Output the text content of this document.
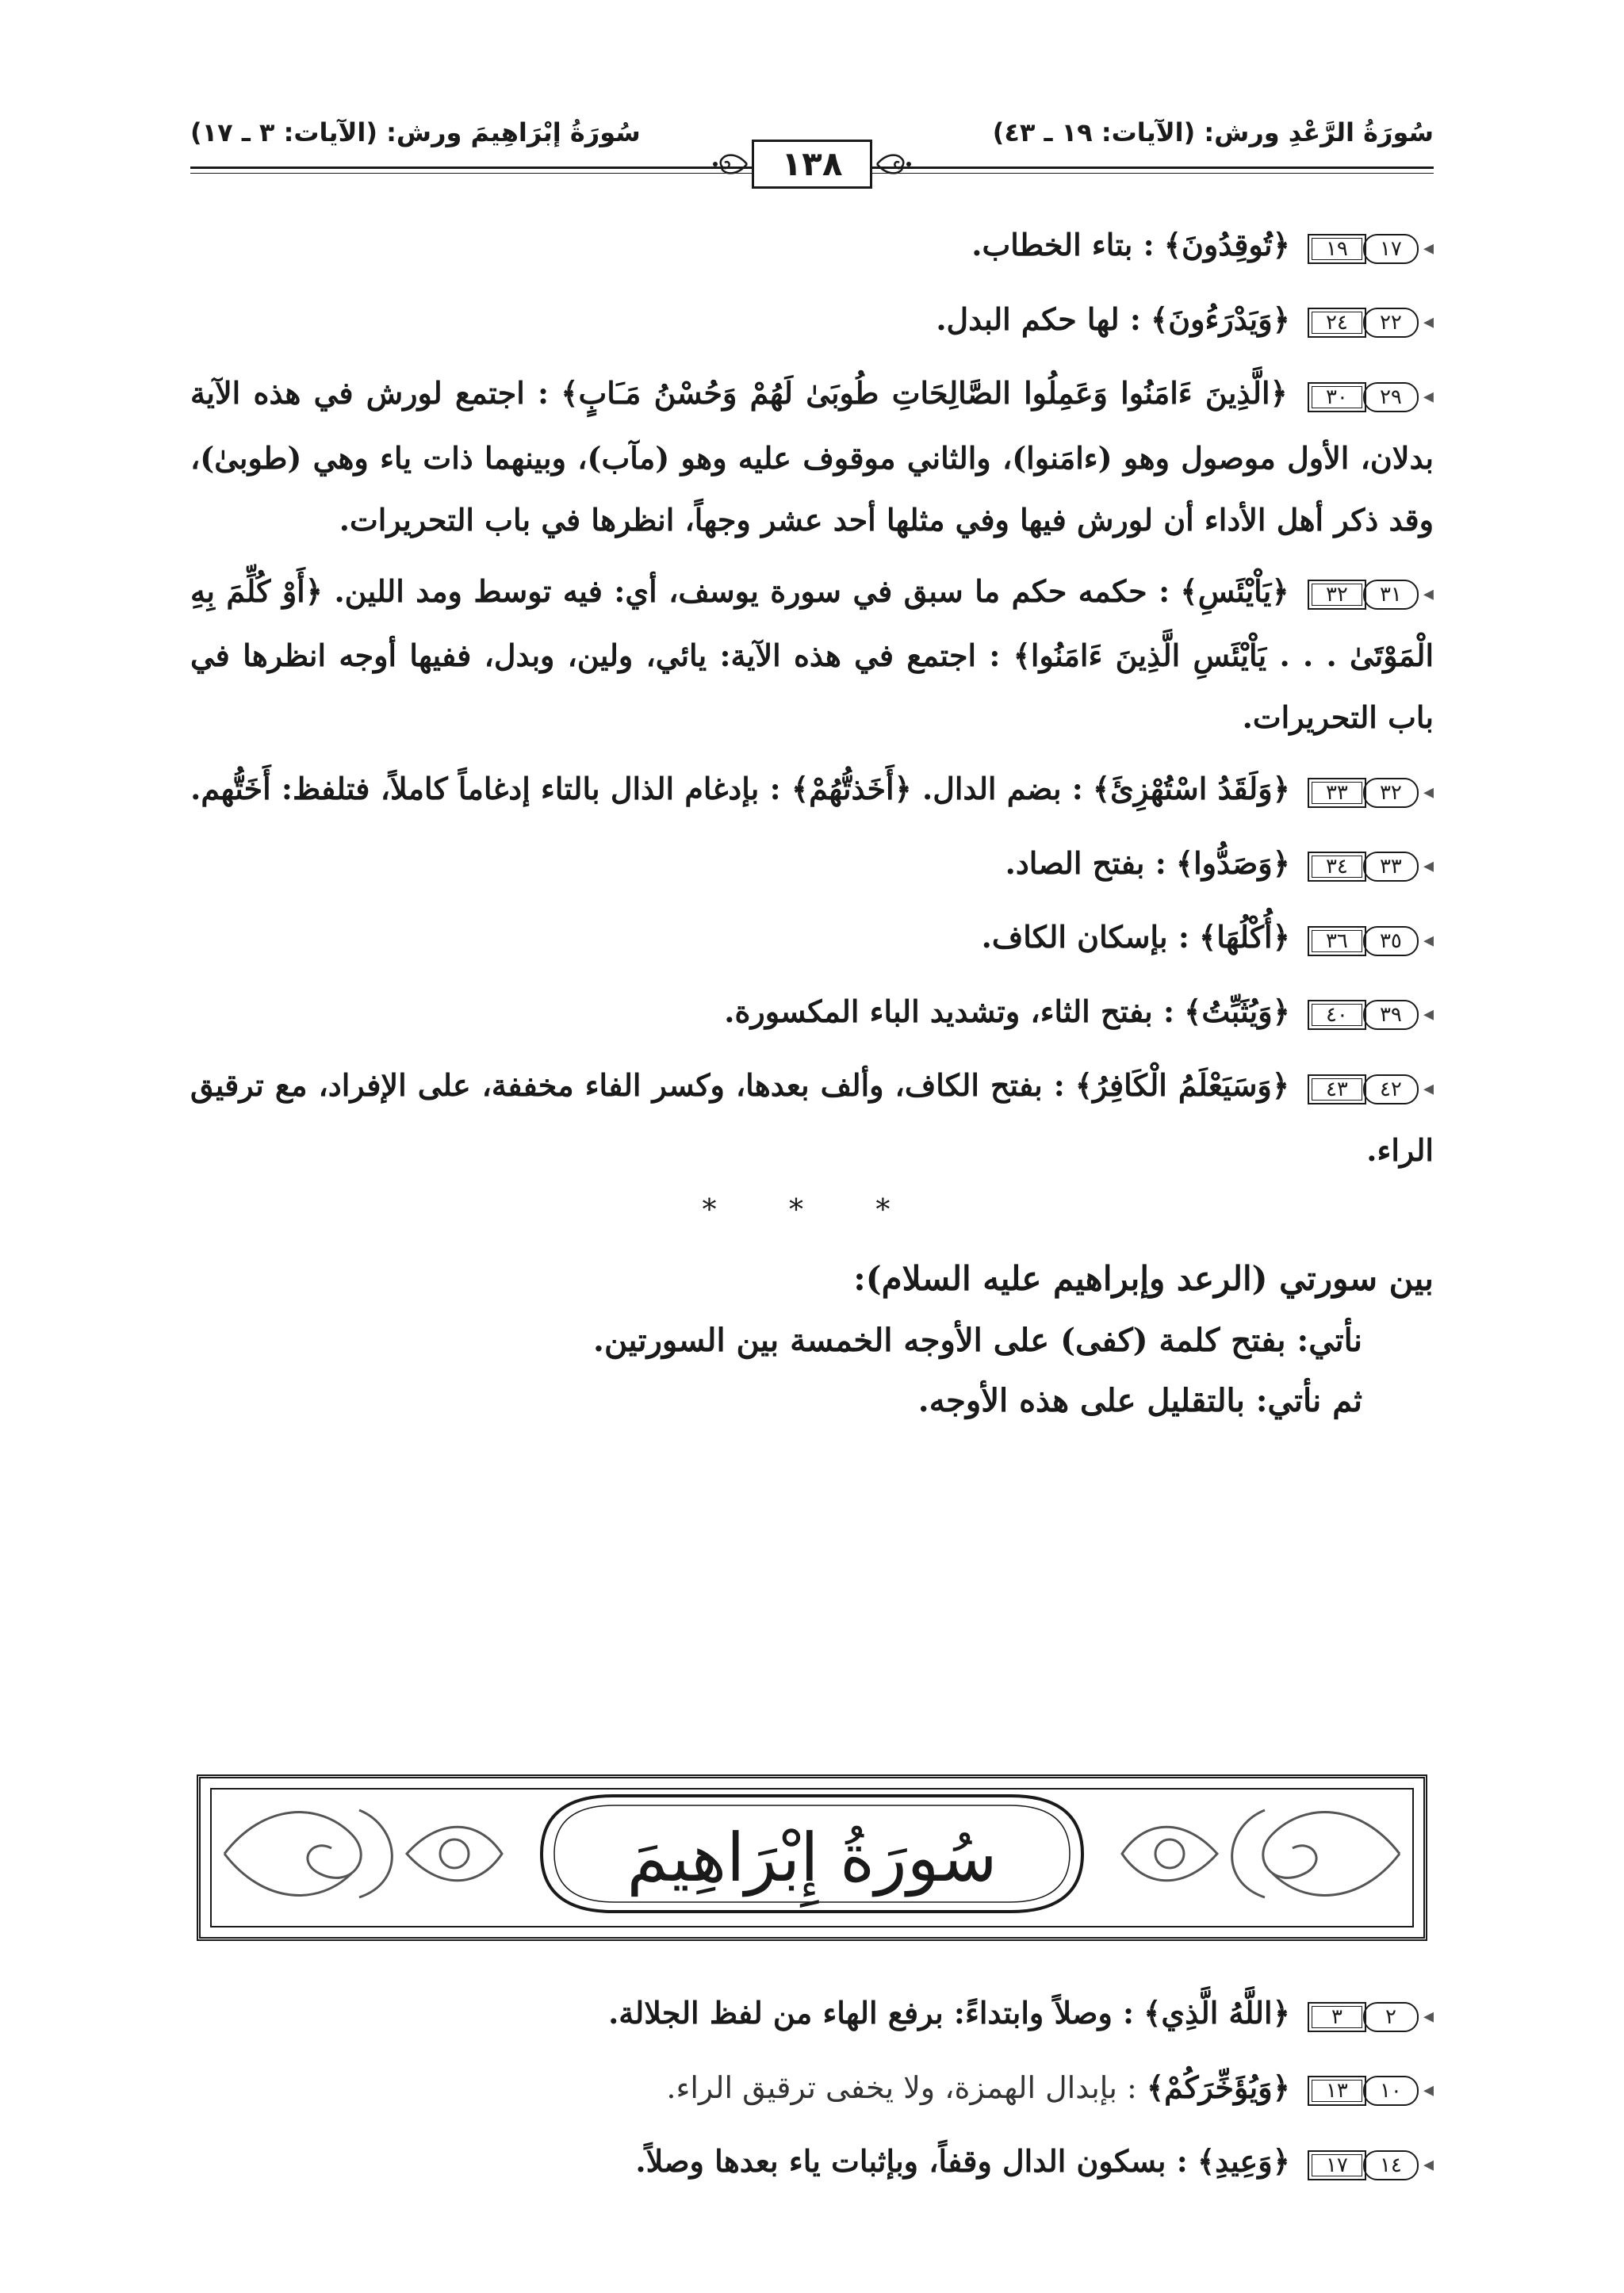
سُورَةُ الرَّعْدِ ورش: (الآيات: ١٩ ـ ٤٣)
سُورَةُ إبْرَاهِيمَ ورش: (الآيات: ٣ ـ ١٧)
١٣٨

◂١٧١٩ ﴿تُوقِدُونَ﴾ : بتاء الخطاب.

◂٢٢٢٤ ﴿وَيَدْرَءُونَ﴾ : لها حكم البدل.

◂٢٩٣٠ ﴿الَّذِينَ ءَامَنُوا وَعَمِلُوا الصَّالِحَاتِ طُوبَىٰ لَهُمْ وَحُسْنُ مَـَابٍ﴾ : اجتمع لورش في هذه الآية بدلان، الأول موصول وهو (ءامَنوا)، والثاني موقوف عليه وهو (مآب)، وبينهما ذات ياء وهي (طوبىٰ)، وقد ذكر أهل الأداء أن لورش فيها وفي مثلها أحد عشر وجهاً، انظرها في باب التحريرات.

◂٣١٣٢ ﴿يَاْيْئَسِ﴾ : حكمه حكم ما سبق في سورة يوسف، أي: فيه توسط ومد اللين. ﴿أَوْ كُلِّمَ بِهِ الْمَوْتَىٰ . . . يَاْيْئَسِ الَّذِينَ ءَامَنُوا﴾ : اجتمع في هذه الآية: يائي، ولين، وبدل، ففيها أوجه انظرها في باب التحريرات.

◂٣٢٣٣ ﴿وَلَقَدُ اسْتُهْزِئَ﴾ : بضم الدال. ﴿أَخَذتُّهُمْ﴾ : بإدغام الذال بالتاء إدغاماً كاملاً، فتلفظ: أَخَتُّهم.

◂٣٣٣٤ ﴿وَصَدُّوا﴾ : بفتح الصاد.

◂٣٥٣٦ ﴿أُكْلُهَا﴾ : بإسكان الكاف.

◂٣٩٤٠ ﴿وَيُثَبِّتُ﴾ : بفتح الثاء، وتشديد الباء المكسورة.

◂٤٢٤٣ ﴿وَسَيَعْلَمُ الْكَافِرُ﴾ : بفتح الكاف، وألف بعدها، وكسر الفاء مخففة، على الإفراد، مع ترقيق الراء.

* * *
بين سورتي (الرعد وإبراهيم عليه السلام):
نأتي: بفتح كلمة (كفى) على الأوجه الخمسة بين السورتين.
ثم نأتي: بالتقليل على هذه الأوجه.
سُورَةُ إِبْرَاهِيمَ

◂٢٣ ﴿اللَّهُ الَّذِي﴾ : وصلاً وابتداءً: برفع الهاء من لفظ الجلالة.

◂١٠١٣ ﴿وَيُؤَخِّرَكُمْ﴾ : بإبدال الهمزة، ولا يخفى ترقيق الراء.

◂١٤١٧ ﴿وَعِيدِ﴾ : بسكون الدال وقفاً، وبإثبات ياء بعدها وصلاً.
